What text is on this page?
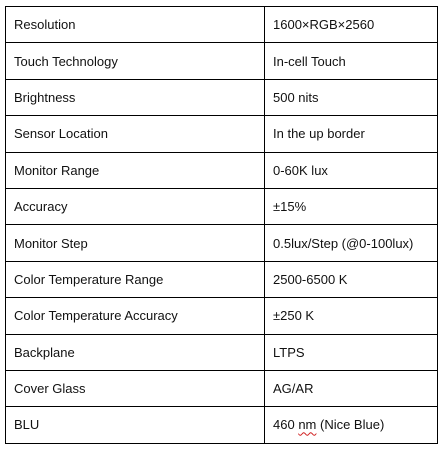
Resolution	1600×RGB×2560
Touch Technology	In-cell Touch
Brightness	500 nits
Sensor Location	In the up border
Monitor Range	0-60K lux
Accuracy	±15%
Monitor Step	0.5lux/Step (@0-100lux)
Color Temperature Range	2500-6500 K
Color Temperature Accuracy	±250 K
Backplane	LTPS
Cover Glass	AG/AR
BLU	460 nm (Nice Blue)
